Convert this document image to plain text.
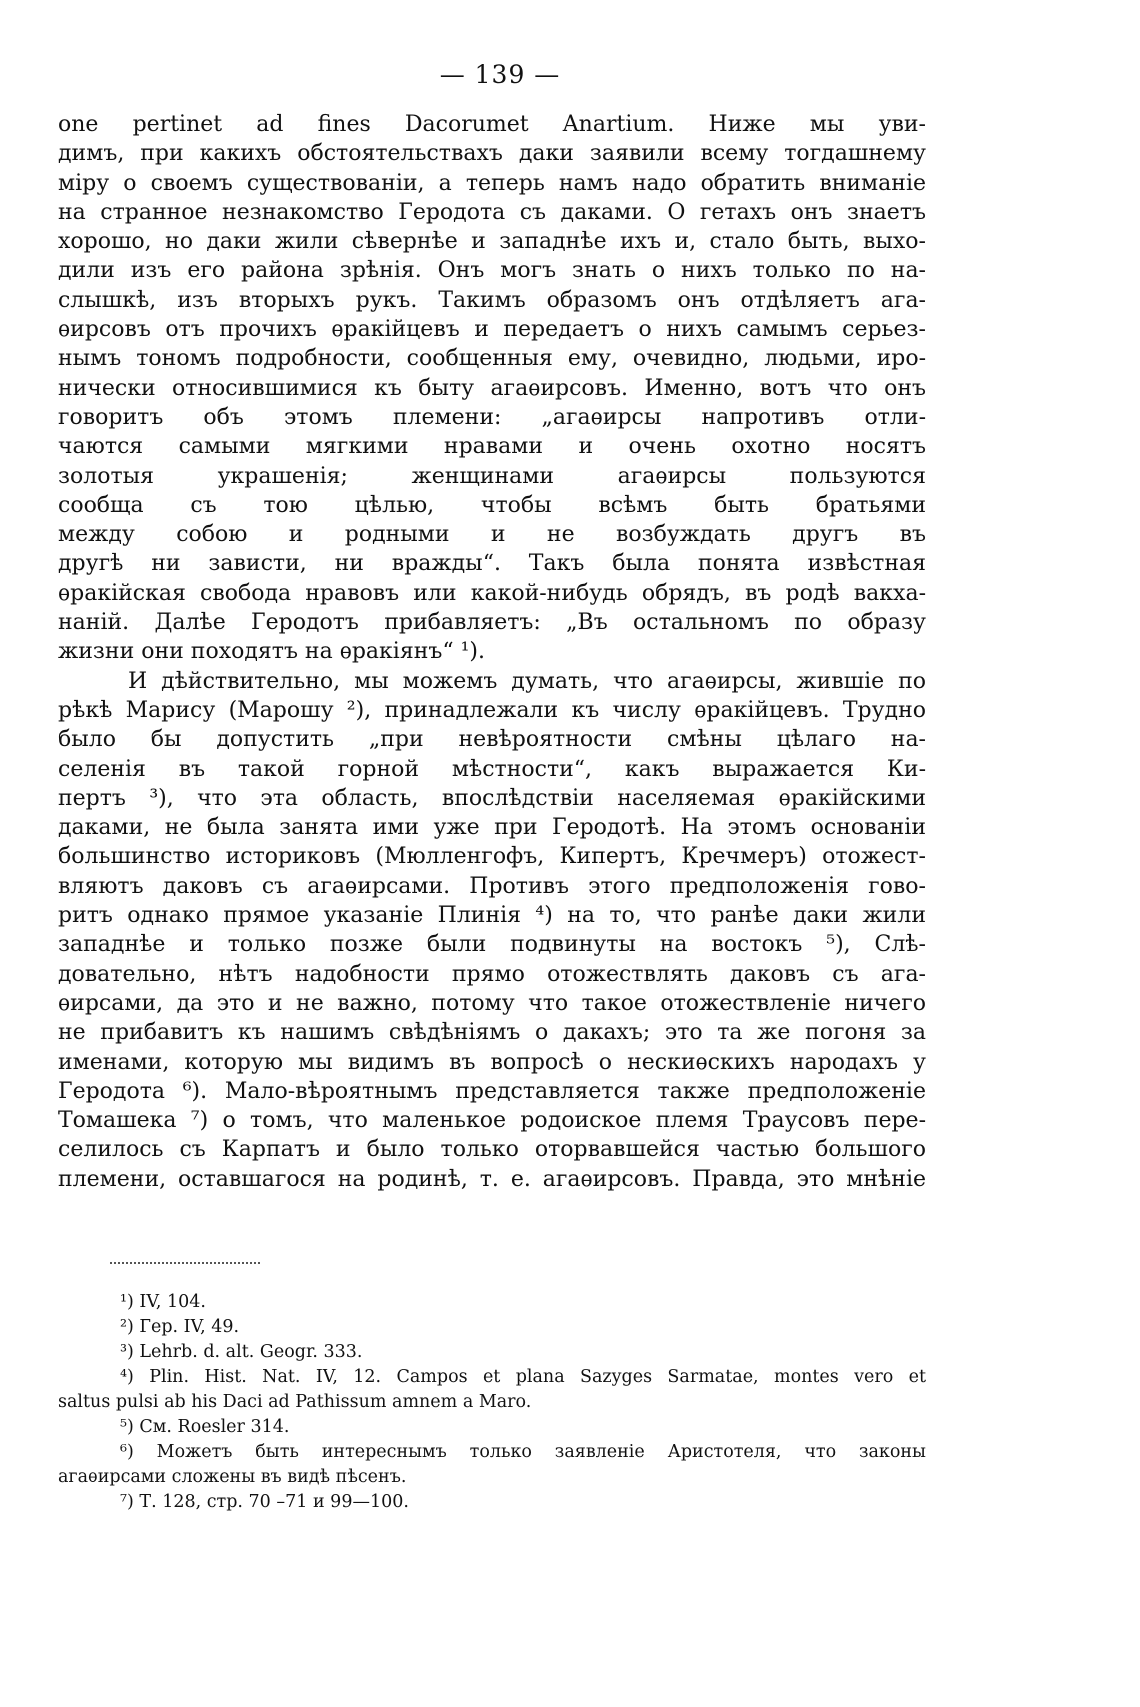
— 139 —
one pertinet ad fines Dacorumet Anartium. Ниже мы уви-
димъ, при какихъ обстоятельствахъ даки заявили всему тогдашнему
міру о своемъ существованіи, а теперь намъ надо обратить вниманіе
на странное незнакомство Геродота съ даками. О гетахъ онъ знаетъ
хорошо, но даки жили сѣвернѣе и западнѣе ихъ и, стало быть, выхо-
дили изъ его района зрѣнія. Онъ могъ знать о нихъ только по на-
слышкѣ, изъ вторыхъ рукъ. Такимъ образомъ онъ отдѣляетъ ага-
ѳирсовъ отъ прочихъ ѳракійцевъ и передаетъ о нихъ самымъ серьез-
нымъ тономъ подробности, сообщенныя ему, очевидно, людьми, иро-
нически относившимися къ быту агаѳирсовъ. Именно, вотъ что онъ
говоритъ объ этомъ племени: „агаѳирсы напротивъ отли-
чаются самыми мягкими нравами и очень охотно носятъ
золотыя украшенія; женщинами агаѳирсы пользуются
сообща съ тою цѣлью, чтобы всѣмъ быть братьями
между собою и родными и не возбуждать другъ въ
другѣ ни зависти, ни вражды“. Такъ была понята извѣстная
ѳракійская свобода нравовъ или какой-нибудь обрядъ, въ родѣ вакха-
наній. Далѣе Геродотъ прибавляетъ: „Въ остальномъ по образу
жизни они походятъ на ѳракіянъ“ ¹).
И дѣйствительно, мы можемъ думать, что агаѳирсы, жившіе по
рѣкѣ Марису (Марошу ²), принадлежали къ числу ѳракійцевъ. Трудно
было бы допустить „при невѣроятности смѣны цѣлаго на-
селенія въ такой горной мѣстности“, какъ выражается Ки-
пертъ ³), что эта область, впослѣдствіи населяемая ѳракійскими
даками, не была занята ими уже при Геродотѣ. На этомъ основаніи
большинство историковъ (Мюлленгофъ, Кипертъ, Кречмеръ) отожест-
вляютъ даковъ съ агаѳирсами. Противъ этого предположенія гово-
ритъ однако прямое указаніе Плинія ⁴) на то, что ранѣе даки жили
западнѣе и только позже были подвинуты на востокъ ⁵), Слѣ-
довательно, нѣтъ надобности прямо отожествлять даковъ съ ага-
ѳирсами, да это и не важно, потому что такое отожествленіе ничего
не прибавитъ къ нашимъ свѣдѣніямъ о дакахъ; это та же погоня за
именами, которую мы видимъ въ вопросѣ о нескиѳскихъ народахъ у
Геродота ⁶). Мало-вѣроятнымъ представляется также предположеніе
Томашека ⁷) о томъ, что маленькое родоиское племя Траусовъ пере-
селилось съ Карпатъ и было только оторвавшейся частью большого
племени, оставшагося на родинѣ, т. е. агаѳирсовъ. Правда, это мнѣніе
¹) IV, 104.
²) Гер. IV, 49.
³) Lehrb. d. alt. Geogr. 333.
⁴) Plin. Hist. Nat. IV, 12. Campos et plana Sazyges Sarmatae, montes vero et
saltus pulsi ab his Daci ad Pathissum amnem a Maro.
⁵) См. Roesler 314.
⁶) Можетъ быть интереснымъ только заявленіе Аристотеля, что законы
агаѳирсами сложены въ видѣ пѣсенъ.
⁷) Т. 128, стр. 70 –71 и 99—100.
